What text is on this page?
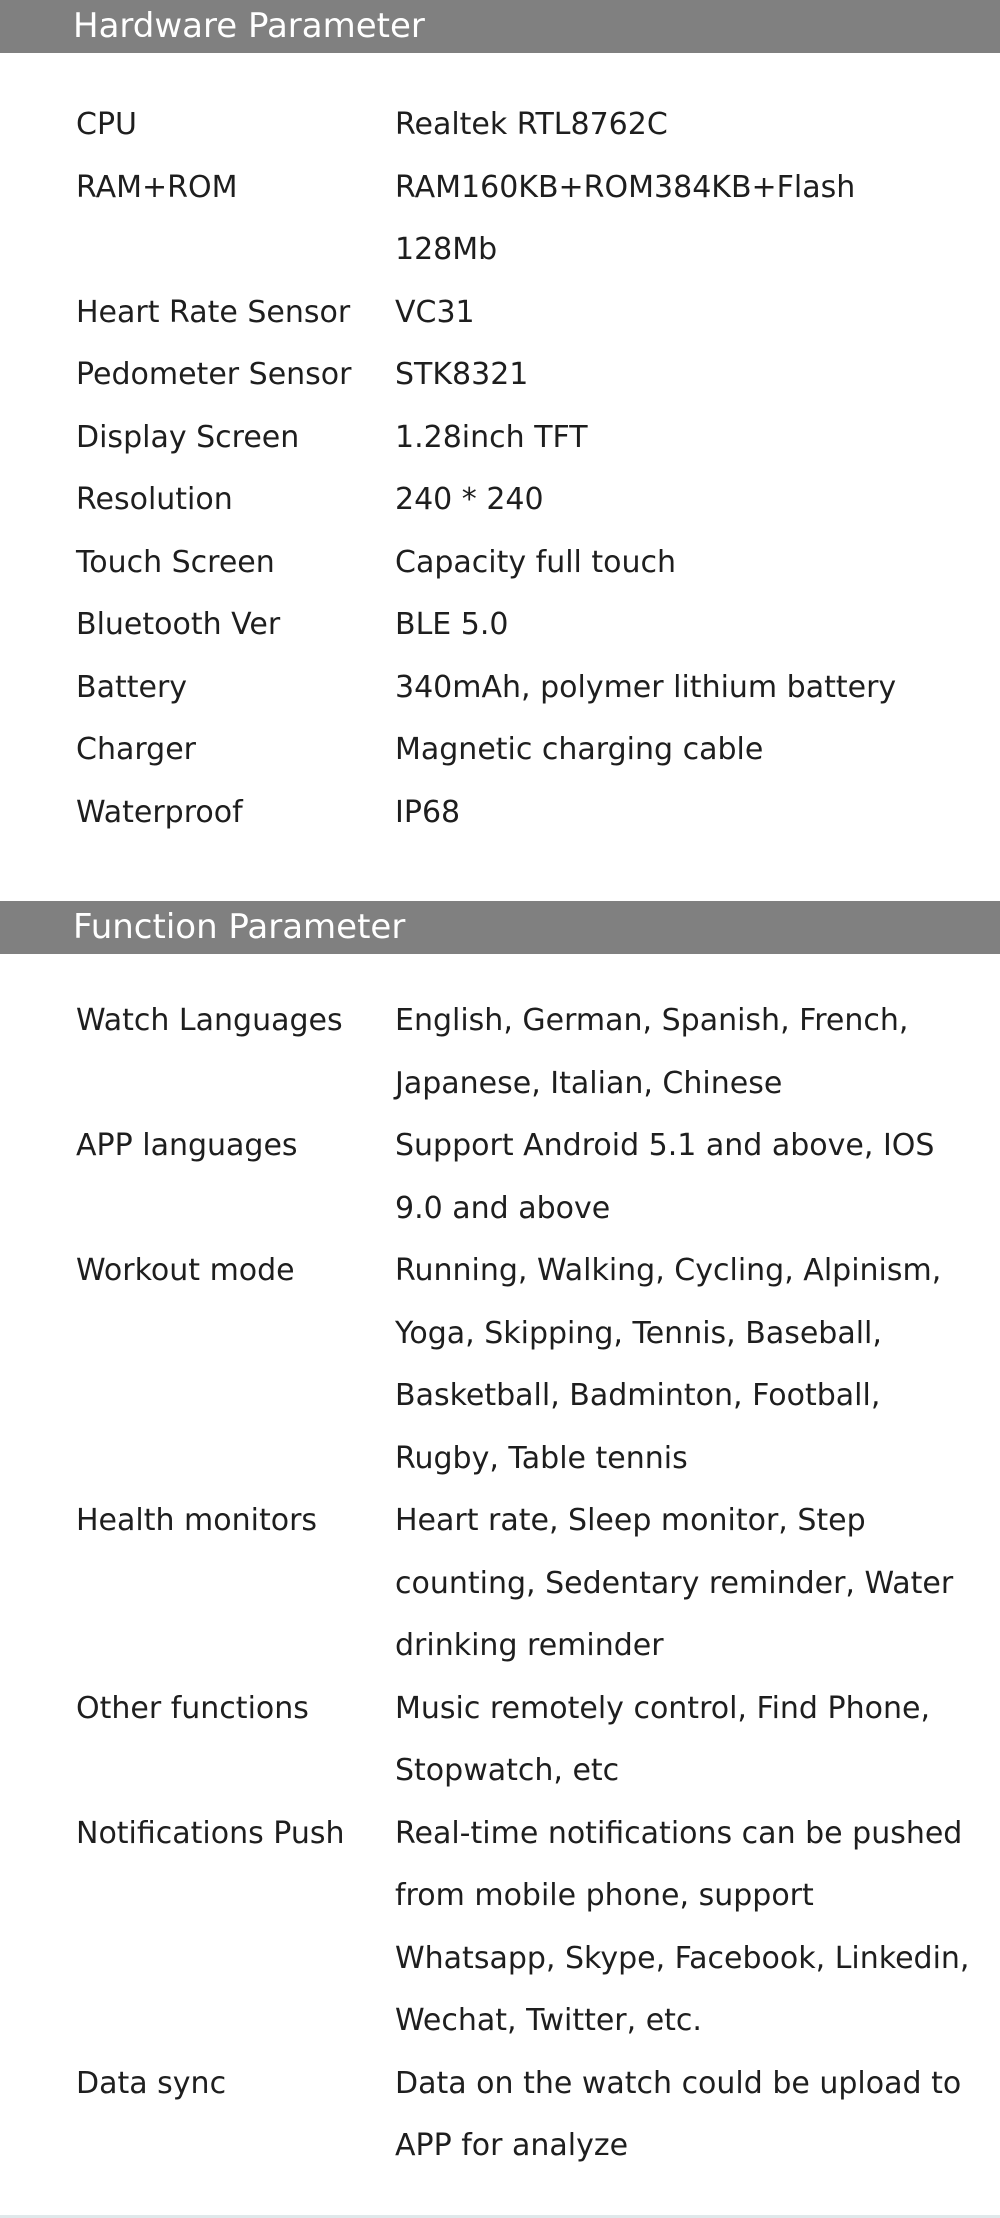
Hardware Parameter
CPU	Realtek RTL8762C
RAM+ROM	RAM160KB+ROM384KB+Flash
128Mb
Heart Rate Sensor	VC31
Pedometer Sensor	STK8321
Display Screen	1.28inch TFT
Resolution	240 * 240
Touch Screen	Capacity full touch
Bluetooth Ver	BLE 5.0
Battery	340mAh, polymer lithium battery
Charger	Magnetic charging cable
Waterproof	IP68
Function Parameter
Watch Languages	English, German, Spanish, French,
Japanese, Italian, Chinese
APP languages	Support Android 5.1 and above, IOS
9.0 and above
Workout mode	Running, Walking, Cycling, Alpinism,
Yoga, Skipping, Tennis, Baseball,
Basketball, Badminton, Football,
Rugby, Table tennis
Health monitors	Heart rate, Sleep monitor, Step
counting, Sedentary reminder, Water
drinking reminder
Other functions	Music remotely control, Find Phone,
Stopwatch, etc
Notifications Push	Real-time notifications can be pushed
from mobile phone, support
Whatsapp, Skype, Facebook, Linkedin,
Wechat, Twitter, etc.
Data sync	Data on the watch could be upload to
APP for analyze
